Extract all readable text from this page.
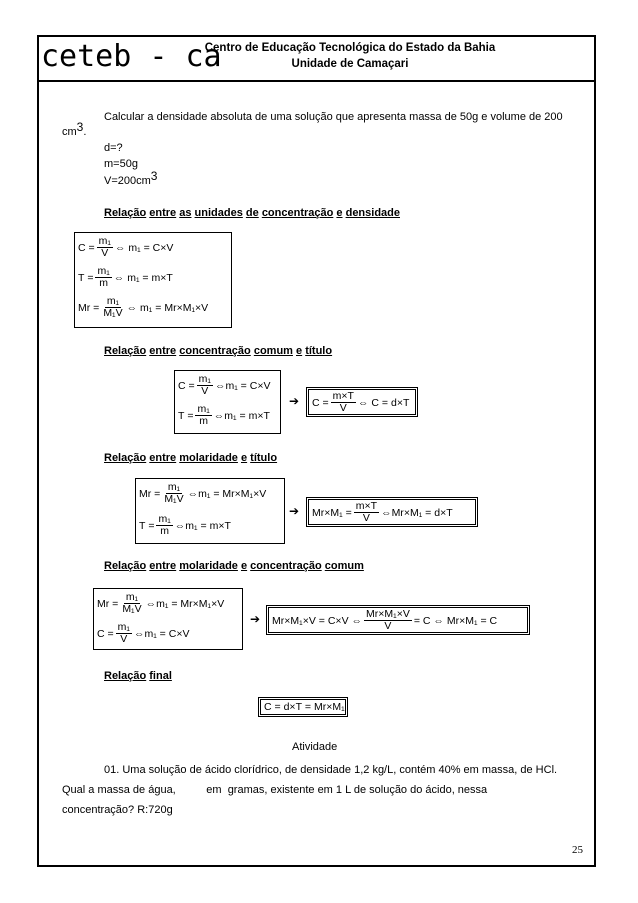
ceteb - ca
Centro de Educação Tecnológica do Estado da Bahia
Unidade de Camaçari
Calcular a densidade absoluta de uma solução que apresenta massa de 50g e volume de 200
cm3.
d=?
m=50g
V=200cm3
Relação entre as unidades de concentração e densidade
C
= $\frac{\text{m₁}}{V}$ ⇔
m₁
=
C × V
T
= $\frac{\text{m₁}}{m}$ ⇔
m₁
=
m × T
Mr
= $\frac{\text{m₁}}{\text{M₁V}}$ ⇔
m₁
=
Mr × M₁ × V
Relação entre concentração comum e título
C
= $\frac{\text{m₁}}{V}$ ⇔ m₁
=
C × V
T
= $\frac{\text{m₁}}{m}$ ⇔ m₁
=
m × T
➔ C
= $\frac{m\times T}{V}$ ⇔
C
=
d × T
Relação entre molaridade e título
Mr
= $\frac{\text{m₁}}{\text{M₁V}}$ ⇔ m₁
=
Mr × M₁ × V
T
= $\frac{\text{m₁}}{m}$ ⇔ m₁
=
m × T
➔ Mr × M₁
= $\frac{m\times T}{V}$ ⇔ Mr × M₁
=
d × T
Relação entre molaridade e concentração comum
Mr
= $\frac{\text{m₁}}{\text{M₁V}}$ ⇔ m₁
=
Mr × M₁ × V
C
= $\frac{\text{m₁}}{V}$ ⇔ m₁
=
C × V
➔ Mr × M₁ × V
=
C × V
⇔ $\frac{\text{Mr×M₁×V}}{V}$ =
C
⇔
Mr × M₁
=
C
Relação final
C
=
d × T
=
Mr × M₁
Atividade
01. Uma solução de ácido clorídrico, de densidade 1,2 kg/L, contém 40% em massa, de HCl.
Qual a massa de água,          em  gramas, existente em 1 L de solução do ácido, nessa
concentração? R:720g
25
